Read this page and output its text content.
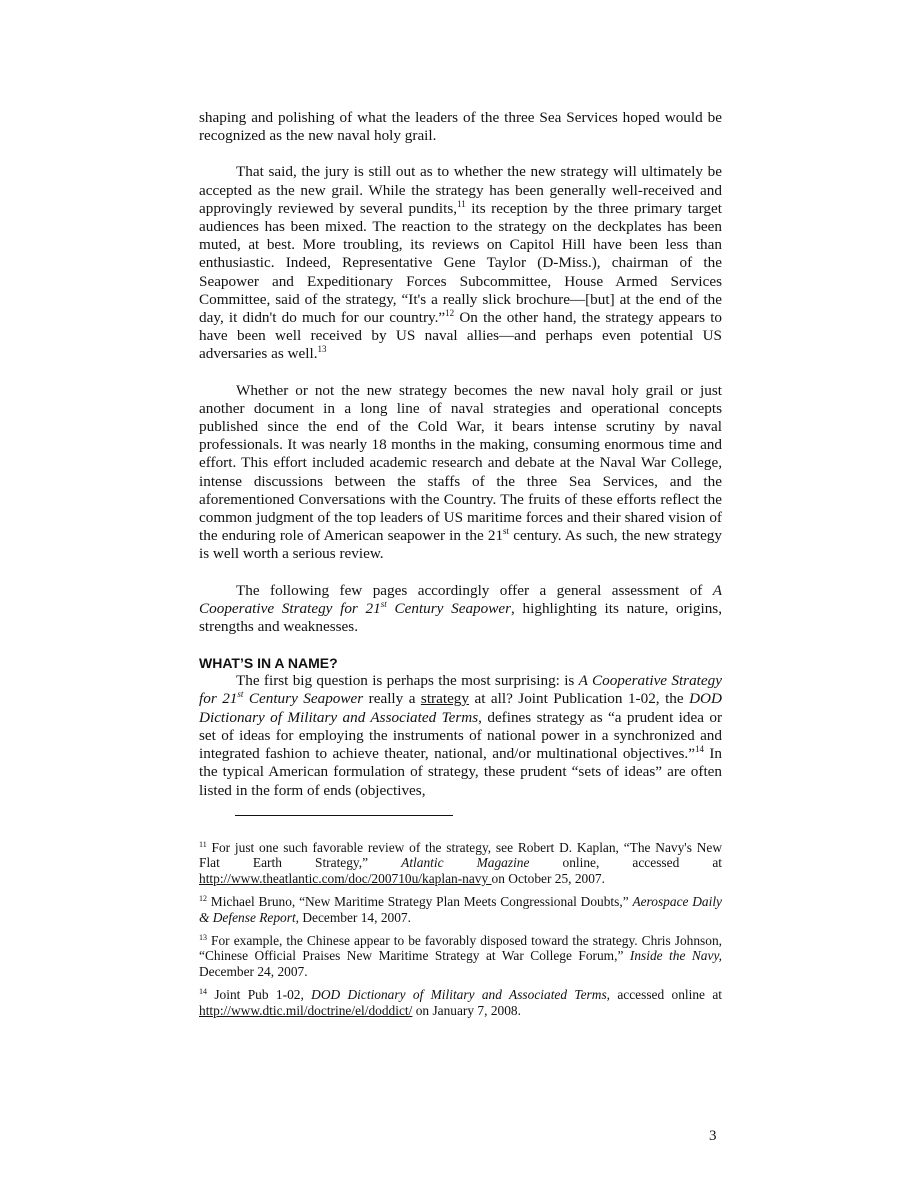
shaping and polishing of what the leaders of the three Sea Services hoped would be recognized as the new naval holy grail.

That said, the jury is still out as to whether the new strategy will ultimately be accepted as the new grail. While the strategy has been generally well-received and approvingly reviewed by several pundits,$^{11}$ its reception by the three primary target audiences has been mixed. The reaction to the strategy on the deckplates has been muted, at best. More troubling, its reviews on Capitol Hill have been less than enthusiastic. Indeed, Representative Gene Taylor (D-Miss.), chairman of the Seapower and Expeditionary Forces Subcommittee, House Armed Services Committee, said of the strategy, “It's a really slick brochure—[but] at the end of the day, it didn't do much for our country.”$^{12}$ On the other hand, the strategy appears to have been well received by US naval allies—and perhaps even potential US adversaries as well.$^{13}$

Whether or not the new strategy becomes the new naval holy grail or just another document in a long line of naval strategies and operational concepts published since the end of the Cold War, it bears intense scrutiny by naval professionals. It was nearly 18 months in the making, consuming enormous time and effort. This effort included academic research and debate at the Naval War College, intense discussions between the staffs of the three Sea Services, and the aforementioned Conversations with the Country. The fruits of these efforts reflect the common judgment of the top leaders of US maritime forces and their shared vision of the enduring role of American seapower in the 21st century. As such, the new strategy is well worth a serious review.

The following few pages accordingly offer a general assessment of A Cooperative Strategy for 21st Century Seapower, highlighting its nature, origins, strengths and weaknesses.

WHAT’S IN A NAME?

The first big question is perhaps the most surprising: is A Cooperative Strategy for 21st Century Seapower really a strategy at all? Joint Publication 1-02, the DOD Dictionary of Military and Associated Terms, defines strategy as “a prudent idea or set of ideas for employing the instruments of national power in a synchronized and integrated fashion to achieve theater, national, and/or multinational objectives.”$^{14}$ In the typical American formulation of strategy, these prudent “sets of ideas” are often listed in the form of ends (objectives,

$^{11}$ For just one such favorable review of the strategy, see Robert D. Kaplan, “The Navy's New Flat Earth Strategy,” Atlantic Magazine online, accessed at http://www.theatlantic.com/doc/200710u/kaplan-navy on October 25, 2007.

$^{12}$ Michael Bruno, “New Maritime Strategy Plan Meets Congressional Doubts,” Aerospace Daily & Defense Report, December 14, 2007.

$^{13}$ For example, the Chinese appear to be favorably disposed toward the strategy. Chris Johnson, “Chinese Official Praises New Maritime Strategy at War College Forum,” Inside the Navy, December 24, 2007.

$^{14}$ Joint Pub 1-02, DOD Dictionary of Military and Associated Terms, accessed online at http://www.dtic.mil/doctrine/el/doddict/ on January 7, 2008.

3
